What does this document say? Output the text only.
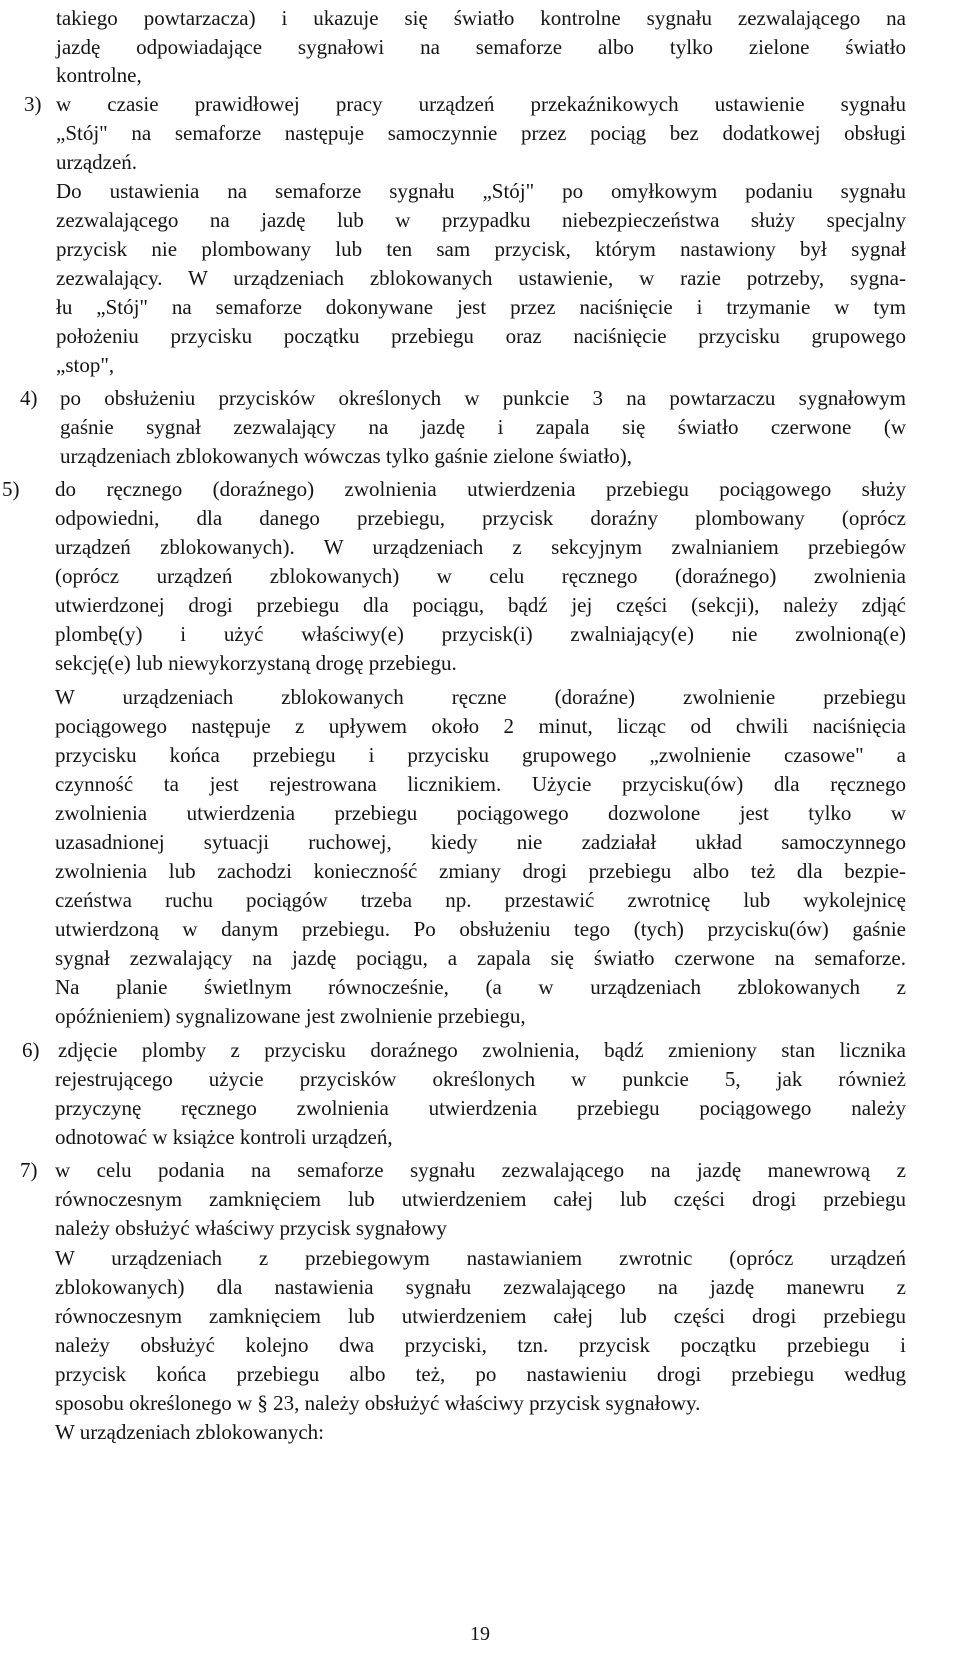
takiego powtarzacza) i ukazuje się światło kontrolne sygnału zezwalającego na
jazdę odpowiadające sygnałowi na semaforze albo tylko zielone światło
kontrolne,
3) w czasie prawidłowej pracy urządzeń przekaźnikowych ustawienie sygnału
„Stój" na semaforze następuje samoczynnie przez pociąg bez dodatkowej obsługi
urządzeń.
Do ustawienia na semaforze sygnału „Stój" po omyłkowym podaniu sygnału
zezwalającego na jazdę lub w przypadku niebezpieczeństwa służy specjalny
przycisk nie plombowany lub ten sam przycisk, którym nastawiony był sygnał
zezwalający. W urządzeniach zblokowanych ustawienie, w razie potrzeby, sygna-
łu „Stój" na semaforze dokonywane jest przez naciśnięcie i trzymanie w tym
położeniu przycisku początku przebiegu oraz naciśnięcie przycisku grupowego
„stop",
4) po obsłużeniu przycisków określonych w punkcie 3 na powtarzaczu sygnałowym
gaśnie sygnał zezwalający na jazdę i zapala się światło czerwone (w
urządzeniach zblokowanych wówczas tylko gaśnie zielone światło),
5) do ręcznego (doraźnego) zwolnienia utwierdzenia przebiegu pociągowego służy
odpowiedni, dla danego przebiegu, przycisk doraźny plombowany (oprócz
urządzeń zblokowanych). W urządzeniach z sekcyjnym zwalnianiem przebiegów
(oprócz urządzeń zblokowanych) w celu ręcznego (doraźnego) zwolnienia
utwierdzonej drogi przebiegu dla pociągu, bądź jej części (sekcji), należy zdjąć
plombę(y) i użyć właściwy(e) przycisk(i) zwalniający(e) nie zwolnioną(e)
sekcję(e) lub niewykorzystaną drogę przebiegu.
W urządzeniach zblokowanych ręczne (doraźne) zwolnienie przebiegu
pociągowego następuje z upływem około 2 minut, licząc od chwili naciśnięcia
przycisku końca przebiegu i przycisku grupowego „zwolnienie czasowe" a
czynność ta jest rejestrowana licznikiem. Użycie przycisku(ów) dla ręcznego
zwolnienia utwierdzenia przebiegu pociągowego dozwolone jest tylko w
uzasadnionej sytuacji ruchowej, kiedy nie zadziałał układ samoczynnego
zwolnienia lub zachodzi konieczność zmiany drogi przebiegu albo też dla bezpie-
czeństwa ruchu pociągów trzeba np. przestawić zwrotnicę lub wykolejnicę
utwierdzoną w danym przebiegu. Po obsłużeniu tego (tych) przycisku(ów) gaśnie
sygnał zezwalający na jazdę pociągu, a zapala się światło czerwone na semaforze.
Na planie świetlnym równocześnie, (a w urządzeniach zblokowanych z
opóźnieniem) sygnalizowane jest zwolnienie przebiegu,
6) zdjęcie plomby z przycisku doraźnego zwolnienia, bądź zmieniony stan licznika
rejestrującego użycie przycisków określonych w punkcie 5, jak również
przyczynę ręcznego zwolnienia utwierdzenia przebiegu pociągowego należy
odnotować w książce kontroli urządzeń,
7) w celu podania na semaforze sygnału zezwalającego na jazdę manewrową z
równoczesnym zamknięciem lub utwierdzeniem całej lub części drogi przebiegu
należy obsłużyć właściwy przycisk sygnałowy
W urządzeniach z przebiegowym nastawianiem zwrotnic (oprócz urządzeń
zblokowanych) dla nastawienia sygnału zezwalającego na jazdę manewru z
równoczesnym zamknięciem lub utwierdzeniem całej lub części drogi przebiegu
należy obsłużyć kolejno dwa przyciski, tzn. przycisk początku przebiegu i
przycisk końca przebiegu albo też, po nastawieniu drogi przebiegu według
sposobu określonego w § 23, należy obsłużyć właściwy przycisk sygnałowy.
W urządzeniach zblokowanych:
19
